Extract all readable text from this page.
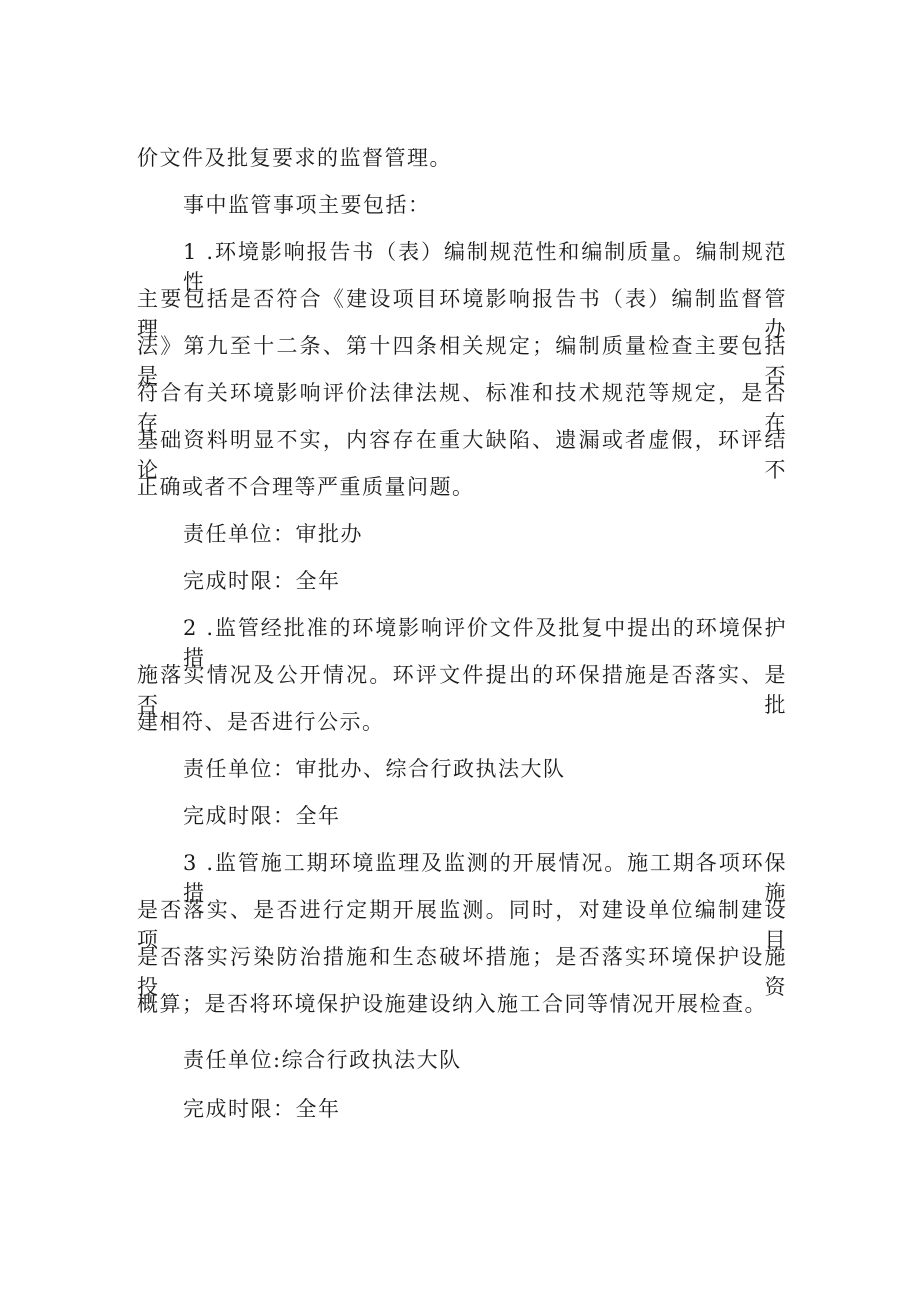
价文件及批复要求的监督管理。
事中监管事项主要包括：
1 .环境影响报告书（表）编制规范性和编制质量。编制规范性
主要包括是否符合《建设项目环境影响报告书（表）编制监督管理办
法》第九至十二条、第十四条相关规定；编制质量检查主要包括是否
符合有关环境影响评价法律法规、标准和技术规范等规定，是否存在
基础资料明显不实，内容存在重大缺陷、遗漏或者虚假，环评结论不
正确或者不合理等严重质量问题。
责任单位：审批办
完成时限：全年
2 .监管经批准的环境影响评价文件及批复中提出的环境保护措
施落实情况及公开情况。环评文件提出的环保措施是否落实、是否批
建相符、是否进行公示。
责任单位：审批办、综合行政执法大队
完成时限：全年
3 .监管施工期环境监理及监测的开展情况。施工期各项环保措施
是否落实、是否进行定期开展监测。同时，对建设单位编制建设项目
是否落实污染防治措施和生态破坏措施；是否落实环境保护设施投资
概算；是否将环境保护设施建设纳入施工合同等情况开展检查。
责任单位:综合行政执法大队
完成时限：全年
